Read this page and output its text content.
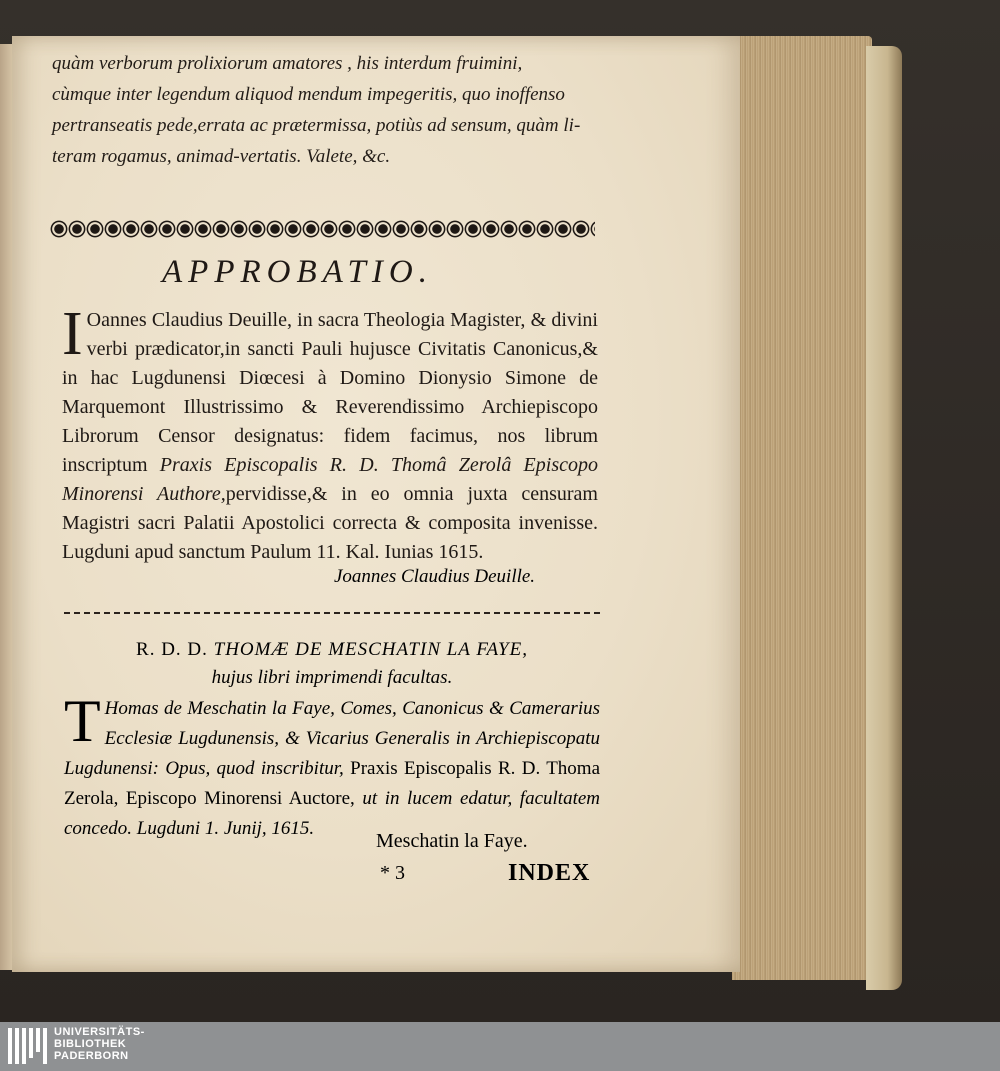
quàm verborum prolixiorum amatores , his interdum fruimini,

cùmque inter legendum aliquod mendum impegeritis, quo inoffenso

pertranseatis pede,errata ac prætermissa, potiùs ad sensum, quàm li-

teram rogamus, animad-vertatis. Valete, &c.

APPROBATIO.
I Oannes Claudius Deuille, in sacra Theologia Magister, & divini verbi prædicator,in sancti Pauli hujusce Civitatis Canonicus,& in hac Lugdunensi Diœcesi à Domino Dionysio Simone de Marquemont Illustrissimo & Reverendissimo Archiepiscopo Librorum Censor designatus: fidem facimus, nos librum inscriptum Praxis Episcopalis R. D. Thomâ Zerolâ Episcopo Minorensi Authore,pervidisse,& in eo omnia juxta censuram Magistri sacri Palatii Apostolici correcta & composita invenisse. Lugduni apud sanctum Paulum 11. Kal. Iunias 1615.
Joannes Claudius Deuille.
R. D. D. THOMÆ DE MESCHATIN LA FAYE,
hujus libri imprimendi facultas.
T Homas de Meschatin la Faye, Comes, Canonicus & Camerarius Ecclesiæ Lugdunensis, & Vicarius Generalis in Archiepiscopatu Lugdunensi: Opus, quod inscribitur, Praxis Episcopalis R. D. Thoma Zerola, Episcopo Minorensi Auctore, ut in lucem edatur, facultatem concedo. Lugduni 1. Junij, 1615.
Meschatin la Faye.
* 3	INDEX
UNIVERSITÄTS-
BIBLIOTHEK
PADERBORN
